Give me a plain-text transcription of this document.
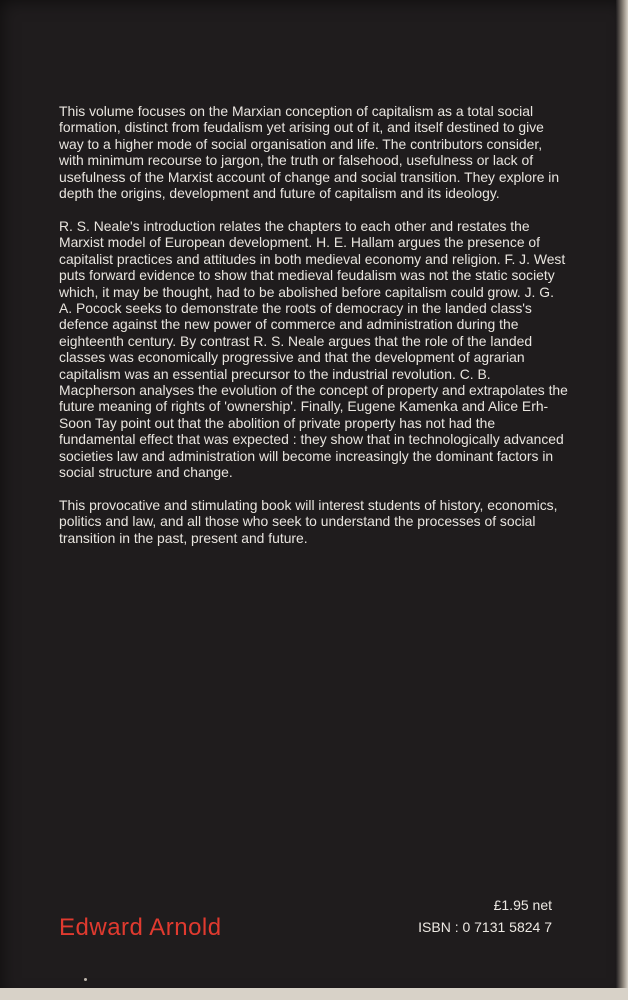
This volume focuses on the Marxian conception of capitalism as a total social formation, distinct from feudalism yet arising out of it, and itself destined to give way to a higher mode of social organisation and life. The contributors consider, with minimum recourse to jargon, the truth or falsehood, usefulness or lack of usefulness of the Marxist account of change and social transition. They explore in depth the origins, development and future of capitalism and its ideology.

R. S. Neale's introduction relates the chapters to each other and restates the Marxist model of European development. H. E. Hallam argues the presence of capitalist practices and attitudes in both medieval economy and religion. F. J. West puts forward evidence to show that medieval feudalism was not the static society which, it may be thought, had to be abolished before capitalism could grow. J. G. A. Pocock seeks to demonstrate the roots of democracy in the landed class's defence against the new power of commerce and administration during the eighteenth century. By contrast R. S. Neale argues that the role of the landed classes was economically progressive and that the development of agrarian capitalism was an essential precursor to the industrial revolution. C. B. Macpherson analyses the evolution of the concept of property and extrapolates the future meaning of rights of 'ownership'. Finally, Eugene Kamenka and Alice Erh-Soon Tay point out that the abolition of private property has not had the fundamental effect that was expected : they show that in technologically advanced societies law and administration will become increasingly the dominant factors in social structure and change.

This provocative and stimulating book will interest students of history, economics, politics and law, and all those who seek to understand the processes of social transition in the past, present and future.

£1.95 net
ISBN : 0 7131 5824 7
Edward Arnold
